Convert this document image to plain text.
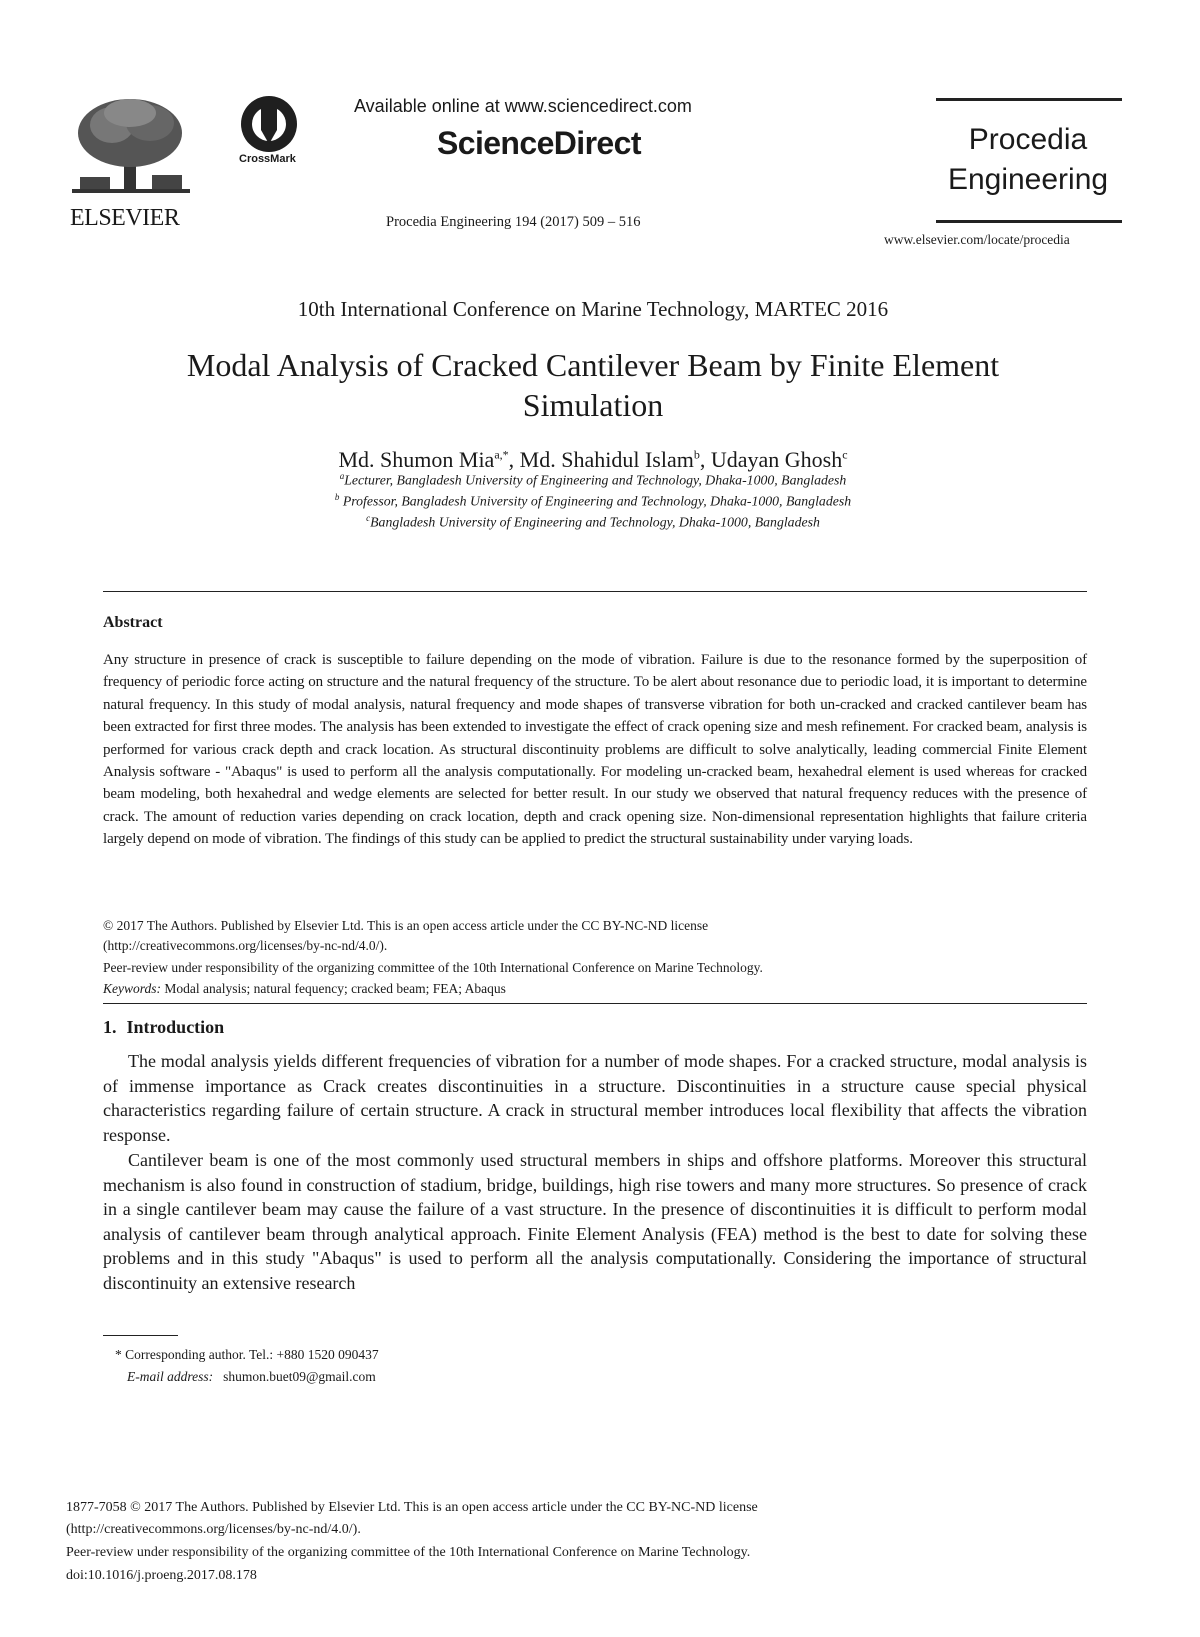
ELSEVIER
CrossMark
Available online at www.sciencedirect.com
ScienceDirect
Procedia Engineering 194 (2017) 509 – 516
Procedia
Engineering
www.elsevier.com/locate/procedia
10th International Conference on Marine Technology, MARTEC 2016
Modal Analysis of Cracked Cantilever Beam by Finite Element
Simulation
Md. Shumon Mia$^{a,*}$, Md. Shahidul Islam$^b$, Udayan Ghosh$^c$
$^a$Lecturer, Bangladesh University of Engineering and Technology, Dhaka-1000, Bangladesh
$^b$ Professor, Bangladesh University of Engineering and Technology, Dhaka-1000, Bangladesh
$^c$Bangladesh University of Engineering and Technology, Dhaka-1000, Bangladesh
Abstract
Any structure in presence of crack is susceptible to failure depending on the mode of vibration. Failure is due to the resonance formed by the superposition of frequency of periodic force acting on structure and the natural frequency of the structure. To be alert about resonance due to periodic load, it is important to determine natural frequency. In this study of modal analysis, natural frequency and mode shapes of transverse vibration for both un-cracked and cracked cantilever beam has been extracted for first three modes. The analysis has been extended to investigate the effect of crack opening size and mesh refinement. For cracked beam, analysis is performed for various crack depth and crack location. As structural discontinuity problems are difficult to solve analytically, leading commercial Finite Element Analysis software - "Abaqus" is used to perform all the analysis computationally. For modeling un-cracked beam, hexahedral element is used whereas for cracked beam modeling, both hexahedral and wedge elements are selected for better result. In our study we observed that natural frequency reduces with the presence of crack. The amount of reduction varies depending on crack location, depth and crack opening size. Non-dimensional representation highlights that failure criteria largely depend on mode of vibration. The findings of this study can be applied to predict the structural sustainability under varying loads.
© 2017 The Authors. Published by Elsevier Ltd. This is an open access article under the CC BY-NC-ND license
(http://creativecommons.org/licenses/by-nc-nd/4.0/).
Peer-review under responsibility of the organizing committee of the 10th International Conference on Marine Technology.
Keywords: Modal analysis; natural fequency; cracked beam; FEA; Abaqus
1. Introduction
The modal analysis yields different frequencies of vibration for a number of mode shapes. For a cracked structure, modal analysis is of immense importance as Crack creates discontinuities in a structure. Discontinuities in a structure cause special physical characteristics regarding failure of certain structure. A crack in structural member introduces local flexibility that affects the vibration response.
Cantilever beam is one of the most commonly used structural members in ships and offshore platforms. Moreover this structural mechanism is also found in construction of stadium, bridge, buildings, high rise towers and many more structures. So presence of crack in a single cantilever beam may cause the failure of a vast structure. In the presence of discontinuities it is difficult to perform modal analysis of cantilever beam through analytical approach. Finite Element Analysis (FEA) method is the best to date for solving these problems and in this study "Abaqus" is used to perform all the analysis computationally. Considering the importance of structural discontinuity an extensive research
* Corresponding author. Tel.: +880 1520 090437
E-mail address: shumon.buet09@gmail.com
1877-7058 © 2017 The Authors. Published by Elsevier Ltd. This is an open access article under the CC BY-NC-ND license
(http://creativecommons.org/licenses/by-nc-nd/4.0/).
Peer-review under responsibility of the organizing committee of the 10th International Conference on Marine Technology.
doi:10.1016/j.proeng.2017.08.178
